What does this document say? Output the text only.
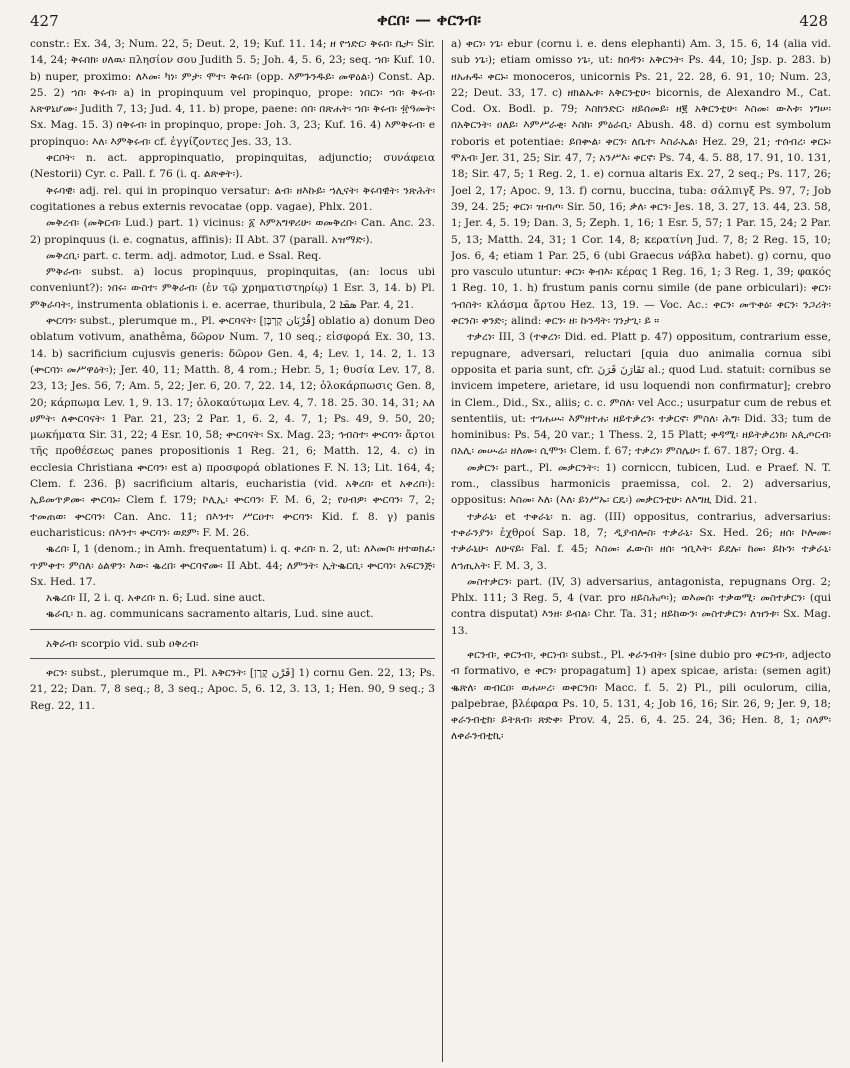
427	ቀርበ፡ — ቀርንብ፡	428

constr.: Ex. 34, 3; Num. 22, 5; Deut. 2, 19; Kuf. 11. 14; ዘ የኀድር፡ ቅሩበ፡ ቤታ፡ Sir. 14, 24; ቅሩበክ፡ ሀለዉ፡ πλησίον σου Judith 5. 5; Joh. 4, 5. 6, 23; seq. ኀበ፡ Kuf. 10. b) nuper, proximo: ለእመ፡ ካነ፡ ምታ፡ ሞተ፡ ቅሩበ፡ (opp. እምጉንዱይ፡ መዋዕል፡) Const. Ap. 25. 2) ኀበ፡ ቅሩብ፡ a) in propinquum vel propinquo, prope: ነበርነ፡ ኀበ፡ ቅሩብ፡ አጽዋኒሆሙ፡ Judith 7, 13; Jud. 4, 11. b) prope, paene: ሰበ፡ በጽሐት፡ ኀበ፡ ቅሩብ፡ ፹ዓመት፡ Sx. Mag. 15. 3) በቅሩብ፡ in propinquo, prope: Joh. 3, 23; Kuf. 16. 4) እምቅሩብ፡ e propinquo: እለ፡ እምቅሩብ፡ cf. ἐγγίζοντες Jes. 33, 13.

ቀርቦት፡ n. act. appropinquatio, propinquitas, adjunctio; συνάφεια (Nestorii) Cyr. c. Pall. f. 76 (i. q. ልጽቀት፡).

ቅሩባዊ፡ adj. rel. qui in propinquo versatur: ልብ፡ ዘእኩይ፡ ኀሊናት፡ ቅሩባዊት፡ ንጽሕት፡ cogitationes a rebus externis revocatae (opp. vagae), Phlx. 201.

መቅረብ፡ (መቅርብ፡ Lud.) part. 1) vicinus: ፩ እምአግዋሪሁ፡ ወመቅረቡ፡ Can. Anc. 23. 2) propinquus (i. e. cognatus, affinis): II Abt. 37 (parall. አዝማድ፡).

መቅረቢ፡ part. c. term. adj. admotor, Lud. e Ssal. Req.

ምቅራብ፡ subst. a) locus propinquus, propinquitas, (an: locus ubi conveniunt?): ነበሩ፡ ውስተ፡ ምቅራብ፡ (ἐν τῷ χρηματιστηρίῳ) 1 Esr. 3, 14. b) Pl. ምቅራባት፡, instrumenta oblationis i. e. acerrae, thuribula, ܣܡ̈ܐ 2 Par. 4, 21.

ቍርባን፡ subst., plerumque m., Pl. ቍርባናት፡ [קָרְבָּן ‎قُرْبَان] oblatio a) donum Deo oblatum votivum, anathêma, δῶρον Num. 7, 10 seq.; εἰσφορά Ex. 30, 13. 14. b) sacrificium cujusvis generis: δῶρον Gen. 4, 4; Lev. 1, 14. 2, 1. 13 (ቍርባነ፡ መሥዋዕት፡); Jer. 40, 11; Matth. 8, 4 rom.; Hebr. 5, 1; θυσία Lev. 17, 8. 23, 13; Jes. 56, 7; Am. 5, 22; Jer. 6, 20. 7, 22. 14, 12; ὁλοκάρπωσις Gen. 8, 20; κάρπωμα Lev. 1, 9. 13. 17; ὁλοκαύτωμα Lev. 4, 7. 18. 25. 30. 14, 31; አለ ሀምት፡ ለቍርባናት፡ 1 Par. 21, 23; 2 Par. 1, 6. 2, 4. 7, 1; Ps. 49, 9. 50, 20; μωκήματα Sir. 31, 22; 4 Esr. 10, 58; ቍርባናት፡ Sx. Mag. 23; ኅብስተ፡ ቍርባን፡ ἄρτοι τῆς προθέσεως panes propositionis 1 Reg. 21, 6; Matth. 12, 4. c) in ecclesia Christiana ቍርባን፡ est a) προσφορά oblationes F. N. 13; Lit. 164, 4; Clem. f. 236. β) sacrificium altaris, eucharistia (vid. አቅረበ፡ et አቀረበ፡): ኢይመጥዎሙ፡ ቍርባኑ፡ Clem f. 179; ኮሊኢ፡ ቍርባን፡ F. M. 6, 2; የሀብዎ፡ ቍርባን፡ 7, 2; ተመጠወ፡ ቍርባን፡ Can. Anc. 11; በእንተ፡ ሥርዐተ፡ ቍርባን፡ Kid. f. 8. γ) panis eucharisticus: በእንተ፡ ቍርባን፡ ወደም፡ F. M. 26.

ቈረበ፡ I, 1 (denom.; in Amh. frequentatum) i. q. ቀረበ፡ n. 2, ut: ለእመቦ፡ ዘተወክፈ፡ ጥምቀተ፡ ምስለ፡ ዕልዋን፡ እው፡ ቈረበ፡ ቍርባኖሙ፡ II Abt. 44; ለምንት፡ ኢትቈርቢ፡ ቍርባነ፡ አፍርንጅ፡ Sx. Hed. 17.

አቈረበ፡ II, 2 i. q. አቀረበ፡ n. 6; Lud. sine auct.

ቈራቢ፡ n. ag. communicans sacramento altaris, Lud. sine auct.

አቅራብ፡ scorpio vid. sub ዐቅረብ፡

ቀርን፡ subst., plerumque m., Pl. አቅርንት፡ [קֶרֶן ‎قَرْن] 1) cornu Gen. 22, 13; Ps. 21, 22; Dan. 7, 8 seq.; 8, 3 seq.; Apoc. 5, 6. 12, 3. 13, 1; Hen. 90, 9 seq.; 3 Reg. 22, 11.

a) ቀርነ፡ ነጌ፡ ebur (cornu i. e. dens elephanti) Am. 3, 15. 6, 14 (alia vid. sub ነጌ፡); etiam omisso ነጌ፡, ut: ክበዳን፡ አቅርንት፡ Ps. 44, 10; Jsp. p. 283. b) ዘአሐዱ፡ ቀርኑ፡ monoceros, unicornis Ps. 21, 22. 28, 6. 91, 10; Num. 23, 22; Deut. 33, 17. c) ዘክልኤቱ፡ አቅርንቲሁ፡ bicornis, de Alexandro M., Cat. Cod. Ox. Bodl. p. 79; እስክንድር፡ ዘይሰመይ፡ ዘ፪ አቅርንቲሁ፡ እስመ፡ ውእቱ፡ ነግሠ፡ በአቅርንት፡ ዐለይ፡ እምሥራቂ፡ እስከ፡ ምዕራቢ፡ Abush. 48. d) cornu est symbolum roboris et potentiae: ይበቍል፡ ቀርን፡ ለቤተ፡ እስራኤል፡ Hez. 29, 21; ተሰብረ፡ ቀርኑ፡ ሞአብ፡ Jer. 31, 25; Sir. 47, 7; አንሥእ፡ ቀርኖ፡ Ps. 74, 4. 5. 88, 17. 91, 10. 131, 18; Sir. 47, 5; 1 Reg. 2, 1. e) cornua altaris Ex. 27, 2 seq.; Ps. 117, 26; Joel 2, 17; Apoc. 9, 13. f) cornu, buccina, tuba: σάλπιγξ Ps. 97, 7; Job 39, 24. 25; ቀርነ፡ ዝብጦ፡ Sir. 50, 16; ቃለ፡ ቀርን፡ Jes. 18, 3. 27, 13. 44, 23. 58, 1; Jer. 4, 5. 19; Dan. 3, 5; Zeph. 1, 16; 1 Esr. 5, 57; 1 Par. 15, 24; 2 Par. 5, 13; Matth. 24, 31; 1 Cor. 14, 8; κερατίνη Jud. 7, 8; 2 Reg. 15, 10; Jos. 6, 4; etiam 1 Par. 25, 6 (ubi Graecus νάβλα habet). g) cornu, quo pro vasculo utuntur: ቀርነ፡ ቅብእ፡ κέρας 1 Reg. 16, 1; 3 Reg. 1, 39; φακός 1 Reg. 10, 1. h) frustum panis cornu simile (de pane orbiculari): ቀርነ፡ ኅብስት፡ κλάσμα ἄρτου Hez. 13, 19. — Voc. Ac.: ቀርን፡ መጥቀዕ፡ ቀርን፡ ንጋሪት፡ ቀርንስ፡ ቀንድ፡; alind: ቀርን፡ ዘ፡ ኩንዳት፡ ገንታጊ፡ ይ ።

ተቃረነ፡ III, 3 (ተቀረነ፡ Did. ed. Platt p. 47) oppositum, contrarium esse, repugnare, adversari, reluctari [quia duo animalia cornua sibi opposita et paria sunt, cfr. ‎قَرَنَ‎ ‎تَقَارَنَ al.; quod Lud. statuit: cornibus se invicem impetere, arietare, id usu loquendi non confirmatur]; crebro in Clem., Did., Sx., aliis; c. c. ምስለ፡ vel Acc.; usurpatur cum de rebus et sententiis, ut: ተገሐሡ፡ እምዘተሐ፡ ዘይተቃረን፡ ተቃርኖ፡ ምስለ፡ ሕግ፡ Did. 33; tum de hominibus: Ps. 54, 20 var.; 1 Thess. 2, 15 Platt; ቀዳሚ፡ ዘይትቃረነክ፡ አጲጦርብ፡ በአሊ፡ መሡሬ፡ ዘለሙ፡ ሲሞን፡ Clem. f. 67; ተቃረነ፡ ምስሌሁ፡ f. 67. 187; Org. 4.

መቃርን፡ part., Pl. መቃርንት፡: 1) corniccn, tubicen, Lud. e Praef. N. T. rom., classibus harmonicis praemissa, col. 2. 2) adversarius, oppositus: እስመ፡ እለ፡ (እለ፡ ይነሥኡ፡ ርዴ፡) መቃርንቲሁ፡ ለእግዚ Did. 21.

ተቃራኒ፡ et ተቀራኒ፡ n. ag. (III) oppositus, contrarius, adversarius: ተቀራንያን፡ ἐχθροί Sap. 18, 7; ዲያብሎስ፡ ተቃራኒ፡ Sx. Hed. 26; ዘሰ፡ ኮሎሙ፡ ተቃራኒሁ፡ ለሁናይ፡ Fal. f. 45; እስመ፡ ፈውስ፡ ዘሰ፡ ኀቢእት፡ ይደሉ፡ ከመ፡ ይኩን፡ ተቃራኒ፡ ለኀጢአት፡ F. M. 3, 3.

መስተቃርን፡ part. (IV, 3) adversarius, antagonista, repugnans Org. 2; Phlx. 111; 3 Reg. 5, 4 (var. pro ዘይስሕጦ፡); ወእመሰ፡ ተቃወሚ፡ መስተቃርን፡ (qui contra disputat) እንዘ፡ ይብል፡ Chr. Ta. 31; ዘይከውን፡ መስተቃርን፡ ለዝንቱ፡ Sx. Mag. 13.

ቀርንብ፡, ቀርንብ፡, ቀርነብ፡ subst., Pl. ቀራንብት፡ [sine dubio pro ቀርንብ፡, adjecto ብ formativo, e ቀርን፡ propagatum] 1) apex spicae, arista: (semen agit) ቈጽለ፡ ወብርዐ፡ ወሐሠረ፡ ወቀርንበ፡ Macc. f. 5. 2) Pl., pili oculorum, cilia, palpebrae, βλέφαρα Ps. 10, 5. 131, 4; Job 16, 16; Sir. 26, 9; Jer. 9, 18; ቀራንብቲክ፡ ይትጸብ፡ ጽድቀ፡ Prov. 4, 25. 6, 4. 25. 24, 36; Hen. 8, 1; ስላም፡ ለቀራንብቲኪ፡
